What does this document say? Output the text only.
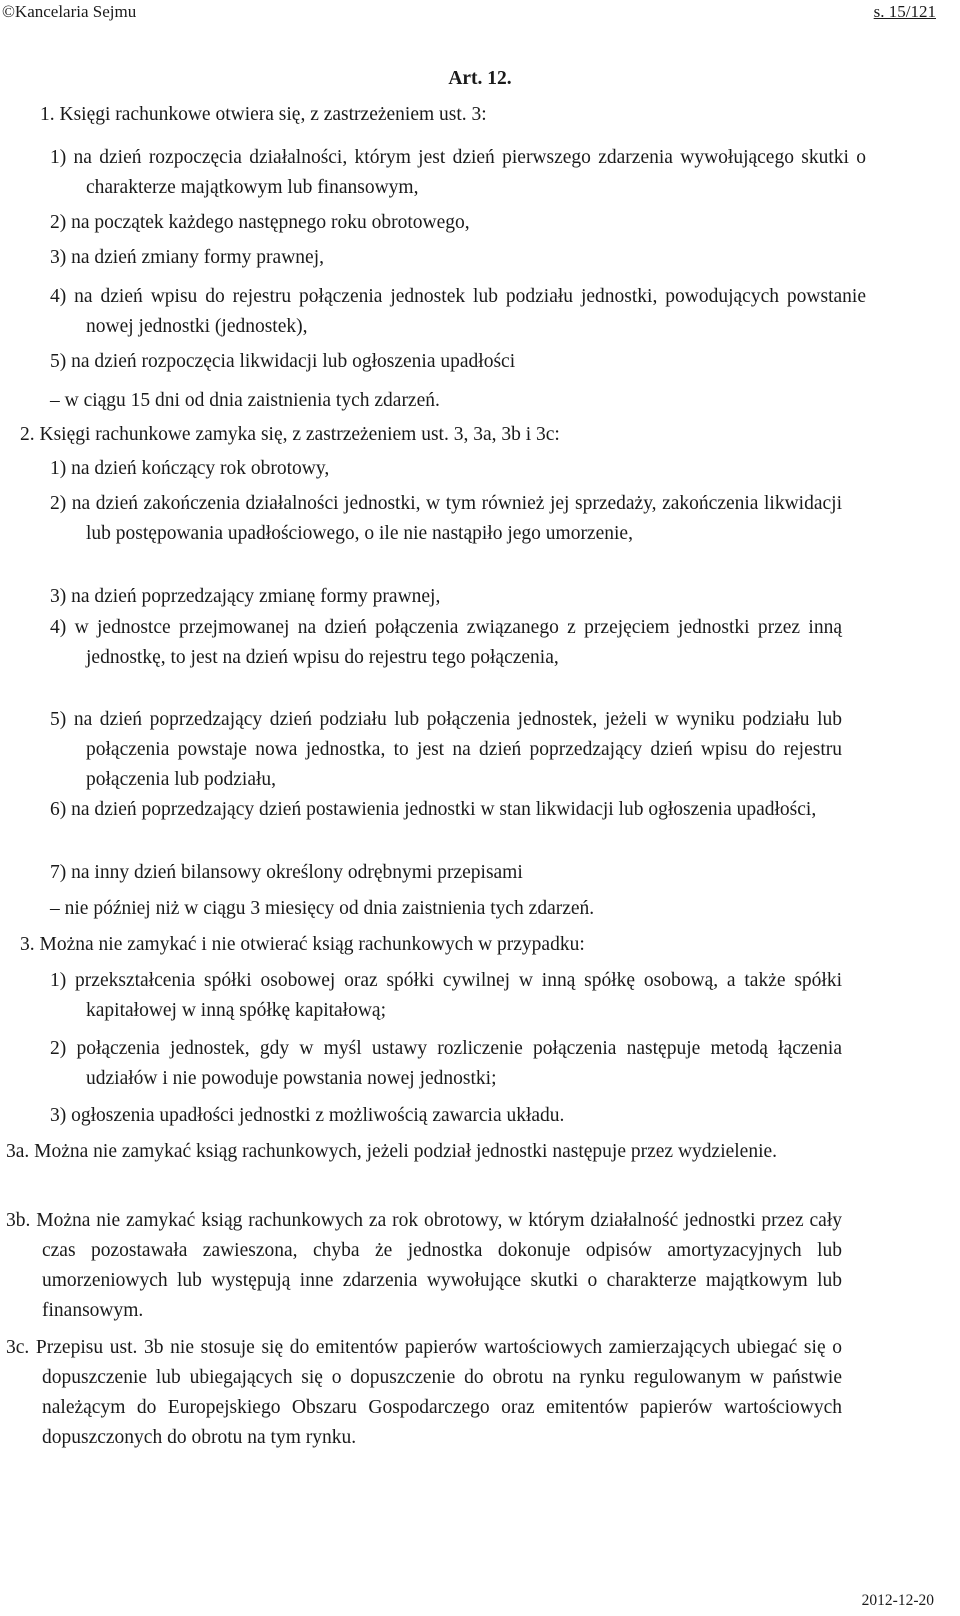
©Kancelaria Sejmu	s. 15/121
Art. 12.

1. Księgi rachunkowe otwiera się, z zastrzeżeniem ust. 3:

1) na dzień rozpoczęcia działalności, którym jest dzień pierwszego zdarzenia wywołującego skutki o charakterze majątkowym lub finansowym,

2) na początek każdego następnego roku obrotowego,

3) na dzień zmiany formy prawnej,

4) na dzień wpisu do rejestru połączenia jednostek lub podziału jednostki, powodujących powstanie nowej jednostki (jednostek),

5) na dzień rozpoczęcia likwidacji lub ogłoszenia upadłości

– w ciągu 15 dni od dnia zaistnienia tych zdarzeń.

2. Księgi rachunkowe zamyka się, z zastrzeżeniem ust. 3, 3a, 3b i 3c:

1) na dzień kończący rok obrotowy,

2) na dzień zakończenia działalności jednostki, w tym również jej sprzedaży, zakończenia likwidacji lub postępowania upadłościowego, o ile nie nastąpiło jego umorzenie,

3) na dzień poprzedzający zmianę formy prawnej,

4) w jednostce przejmowanej na dzień połączenia związanego z przejęciem jednostki przez inną jednostkę, to jest na dzień wpisu do rejestru tego połączenia,

5) na dzień poprzedzający dzień podziału lub połączenia jednostek, jeżeli w wyniku podziału lub połączenia powstaje nowa jednostka, to jest na dzień poprzedzający dzień wpisu do rejestru połączenia lub podziału,

6) na dzień poprzedzający dzień postawienia jednostki w stan likwidacji lub ogłoszenia upadłości,

7) na inny dzień bilansowy określony odrębnymi przepisami

– nie później niż w ciągu 3 miesięcy od dnia zaistnienia tych zdarzeń.

3. Można nie zamykać i nie otwierać ksiąg rachunkowych w przypadku:

1) przekształcenia spółki osobowej oraz spółki cywilnej w inną spółkę osobową, a także spółki kapitałowej w inną spółkę kapitałową;

2) połączenia jednostek, gdy w myśl ustawy rozliczenie połączenia następuje metodą łączenia udziałów i nie powoduje powstania nowej jednostki;

3) ogłoszenia upadłości jednostki z możliwością zawarcia układu.

3a. Można nie zamykać ksiąg rachunkowych, jeżeli podział jednostki następuje przez wydzielenie.

3b. Można nie zamykać ksiąg rachunkowych za rok obrotowy, w którym działalność jednostki przez cały czas pozostawała zawieszona, chyba że jednostka dokonuje odpisów amortyzacyjnych lub umorzeniowych lub występują inne zdarzenia wywołujące skutki o charakterze majątkowym lub finansowym.

3c. Przepisu ust. 3b nie stosuje się do emitentów papierów wartościowych zamierzających ubiegać się o dopuszczenie lub ubiegających się o dopuszczenie do obrotu na rynku regulowanym w państwie należącym do Europejskiego Obszaru Gospodarczego oraz emitentów papierów wartościowych dopuszczonych do obrotu na tym rynku.

2012-12-20
